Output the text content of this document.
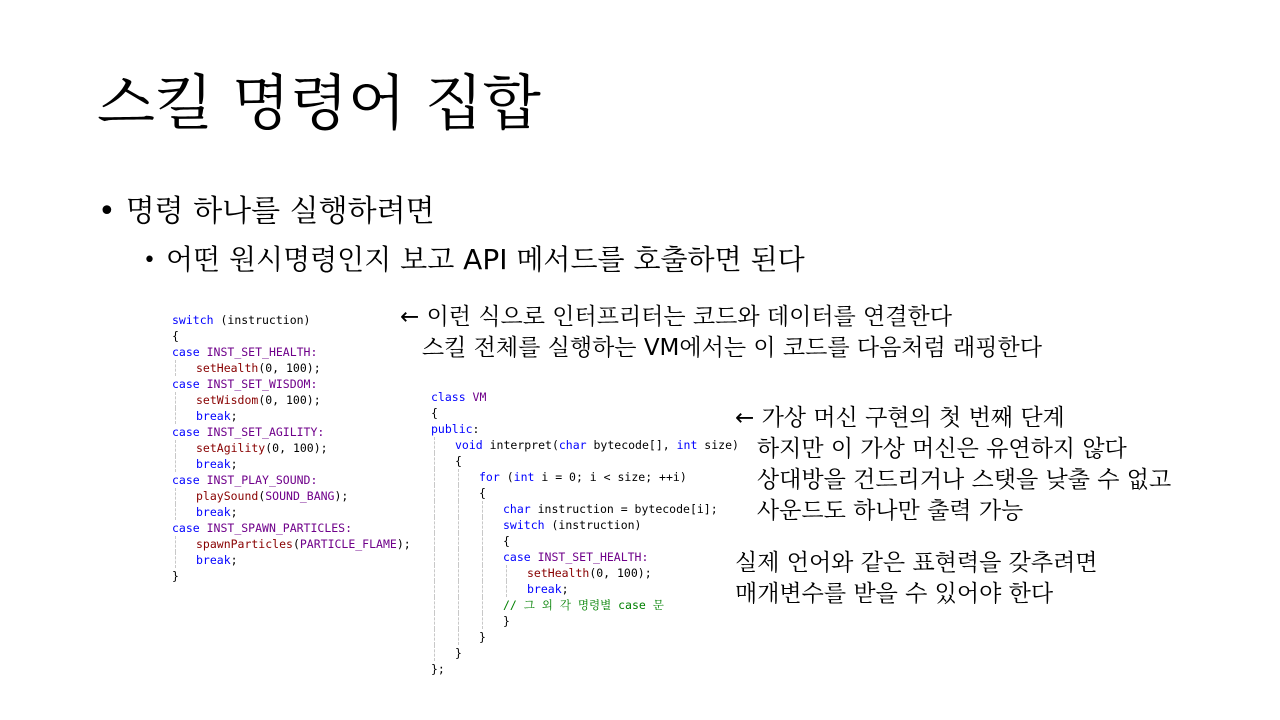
스킬 명령어 집합
• 명령 하나를 실행하려면
• 어떤 원시명령인지 보고 API 메서드를 호출하면 된다
switch (instruction)
{
case INST_SET_HEALTH:
setHealth(0, 100);
case INST_SET_WISDOM:
setWisdom(0, 100);
break;
case INST_SET_AGILITY:
setAgility(0, 100);
break;
case INST_PLAY_SOUND:
playSound(SOUND_BANG);
break;
case INST_SPAWN_PARTICLES:
spawnParticles(PARTICLE_FLAME);
break;
}
class VM
{
public:
void interpret(char bytecode[], int size)
{
for (int i = 0; i < size; ++i)
{
char instruction = bytecode[i];
switch (instruction)
{
case INST_SET_HEALTH:
setHealth(0, 100);
break;
// 그 외 각 명령별 case 문
}
}
}
};
← 이런 식으로 인터프리터는 코드와 데이터를 연결한다
스킬 전체를 실행하는 VM에서는 이 코드를 다음처럼 래핑한다
← 가상 머신 구현의 첫 번째 단계
하지만 이 가상 머신은 유연하지 않다
상대방을 건드리거나 스탯을 낮출 수 없고
사운드도 하나만 출력 가능
실제 언어와 같은 표현력을 갖추려면
매개변수를 받을 수 있어야 한다
